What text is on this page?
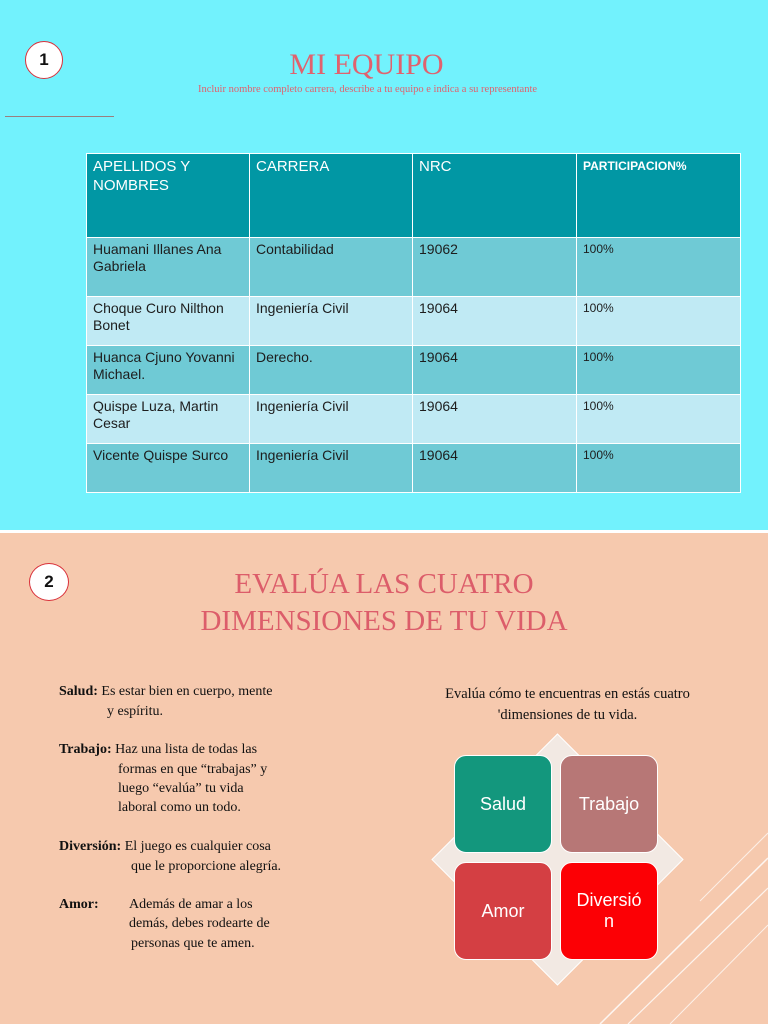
1	MI EQUIPO
Incluir nombre completo carrera, describe a tu equipo e indica a su representante
APELLIDOS Y NOMBRES	CARRERA	NRC	PARTICIPACION%
Huamani Illanes Ana Gabriela	Contabilidad	19062	100%
Choque Curo Nilthon Bonet	Ingeniería Civil	19064	100%
Huanca Cjuno Yovanni Michael.	Derecho.	19064	100%
Quispe Luza, Martin Cesar	Ingeniería Civil	19064	100%
Vicente Quispe Surco	Ingeniería Civil	19064	100%
2	EVALÚA LAS CUATRO
DIMENSIONES DE TU VIDA
Salud: Es estar bien en cuerpo, mente
y espíritu.
Trabajo: Haz una lista de todas las
formas en que “trabajas” y
luego “evalúa” tu vida
laboral como un todo.
Diversión: El juego es cualquier cosa
que le proporcione alegría.
Amor: Además de amar a los
demás, debes rodearte de
personas que te amen.
Evalúa cómo te encuentras en estás cuatro
'dimensiones de tu vida.
Salud	Trabajo
Amor
Diversió
n
